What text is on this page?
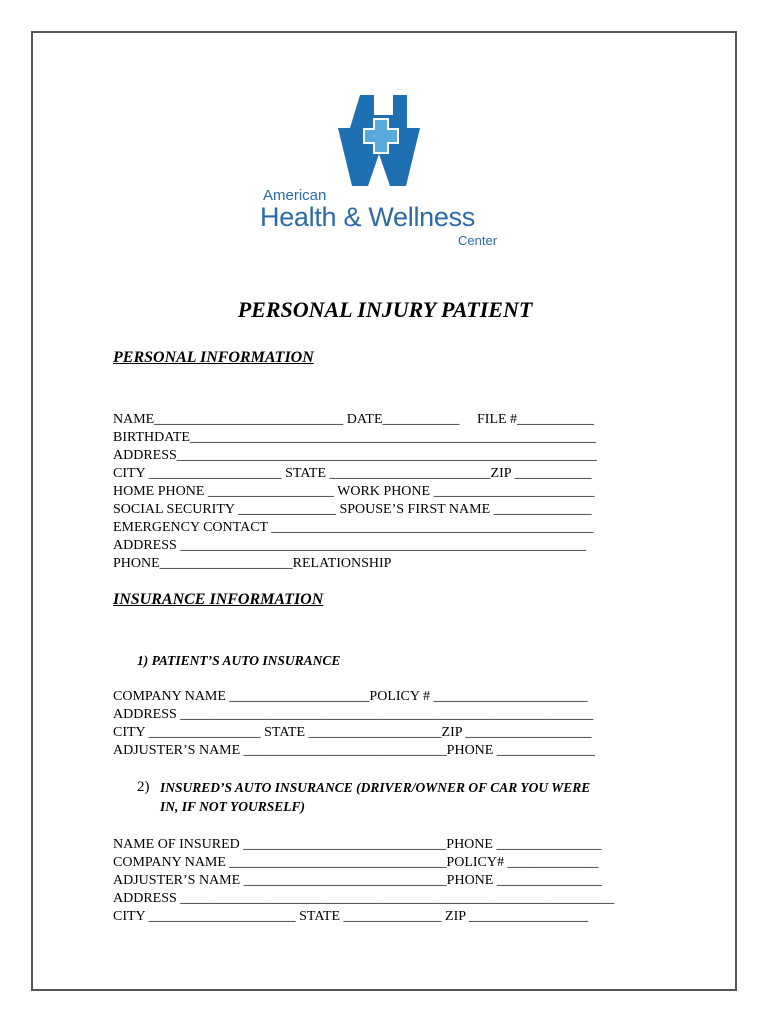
American
Health & Wellness
Center
PERSONAL INJURY PATIENT
PERSONAL INFORMATION
NAME___________________________ DATE___________     FILE #___________
BIRTHDATE__________________________________________________________
ADDRESS____________________________________________________________
CITY ___________________ STATE _______________________ZIP ___________
HOME PHONE __________________ WORK PHONE _______________________
SOCIAL SECURITY ______________ SPOUSE’S FIRST NAME ______________
EMERGENCY CONTACT ______________________________________________
ADDRESS __________________________________________________________
PHONE___________________RELATIONSHIP
INSURANCE INFORMATION
1) PATIENT’S AUTO INSURANCE
COMPANY NAME ____________________POLICY # ______________________
ADDRESS ___________________________________________________________
CITY ________________ STATE ___________________ZIP __________________
ADJUSTER’S NAME _____________________________PHONE ______________
2) INSURED’S AUTO INSURANCE (DRIVER/OWNER OF CAR YOU WERE
IN, IF NOT YOURSELF)
NAME OF INSURED _____________________________PHONE _______________
COMPANY NAME _______________________________POLICY# _____________
ADJUSTER’S NAME _____________________________PHONE _______________
ADDRESS ______________________________________________________________
CITY _____________________ STATE ______________ ZIP _________________
